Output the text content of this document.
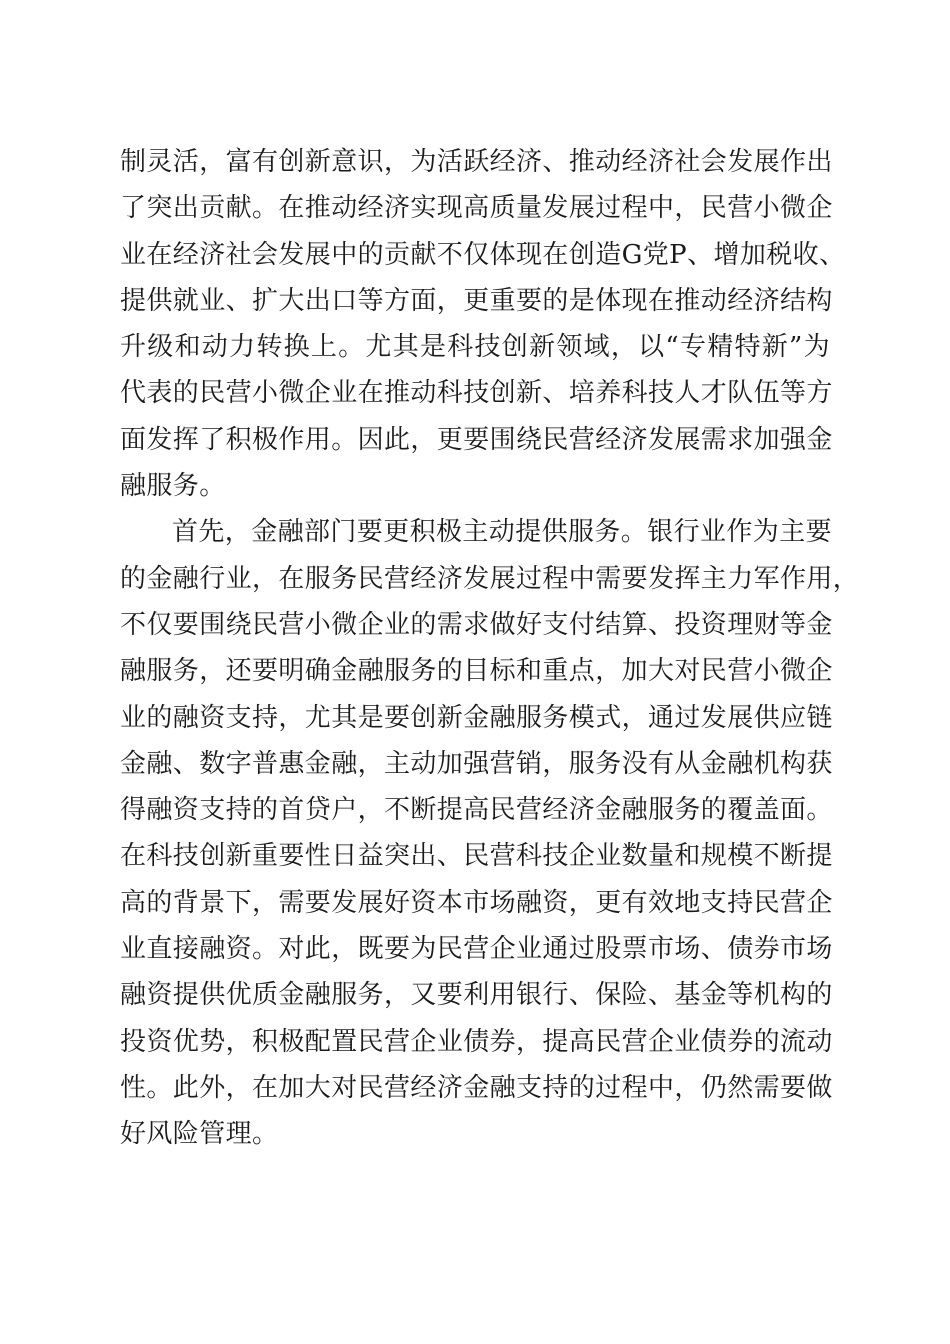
制灵活，富有创新意识，为活跃经济、推动经济社会发展作出
了突出贡献。在推动经济实现高质量发展过程中，民营小微企
业在经济社会发展中的贡献不仅体现在创造G党P、增加税收、
提供就业、扩大出口等方面，更重要的是体现在推动经济结构
升级和动力转换上。尤其是科技创新领域，以“专精特新”为
代表的民营小微企业在推动科技创新、培养科技人才队伍等方
面发挥了积极作用。因此，更要围绕民营经济发展需求加强金
融服务。
首先，金融部门要更积极主动提供服务。银行业作为主要
的金融行业，在服务民营经济发展过程中需要发挥主力军作用，
不仅要围绕民营小微企业的需求做好支付结算、投资理财等金
融服务，还要明确金融服务的目标和重点，加大对民营小微企
业的融资支持，尤其是要创新金融服务模式，通过发展供应链
金融、数字普惠金融，主动加强营销，服务没有从金融机构获
得融资支持的首贷户，不断提高民营经济金融服务的覆盖面。
在科技创新重要性日益突出、民营科技企业数量和规模不断提
高的背景下，需要发展好资本市场融资，更有效地支持民营企
业直接融资。对此，既要为民营企业通过股票市场、债券市场
融资提供优质金融服务，又要利用银行、保险、基金等机构的
投资优势，积极配置民营企业债券，提高民营企业债券的流动
性。此外，在加大对民营经济金融支持的过程中，仍然需要做
好风险管理。
